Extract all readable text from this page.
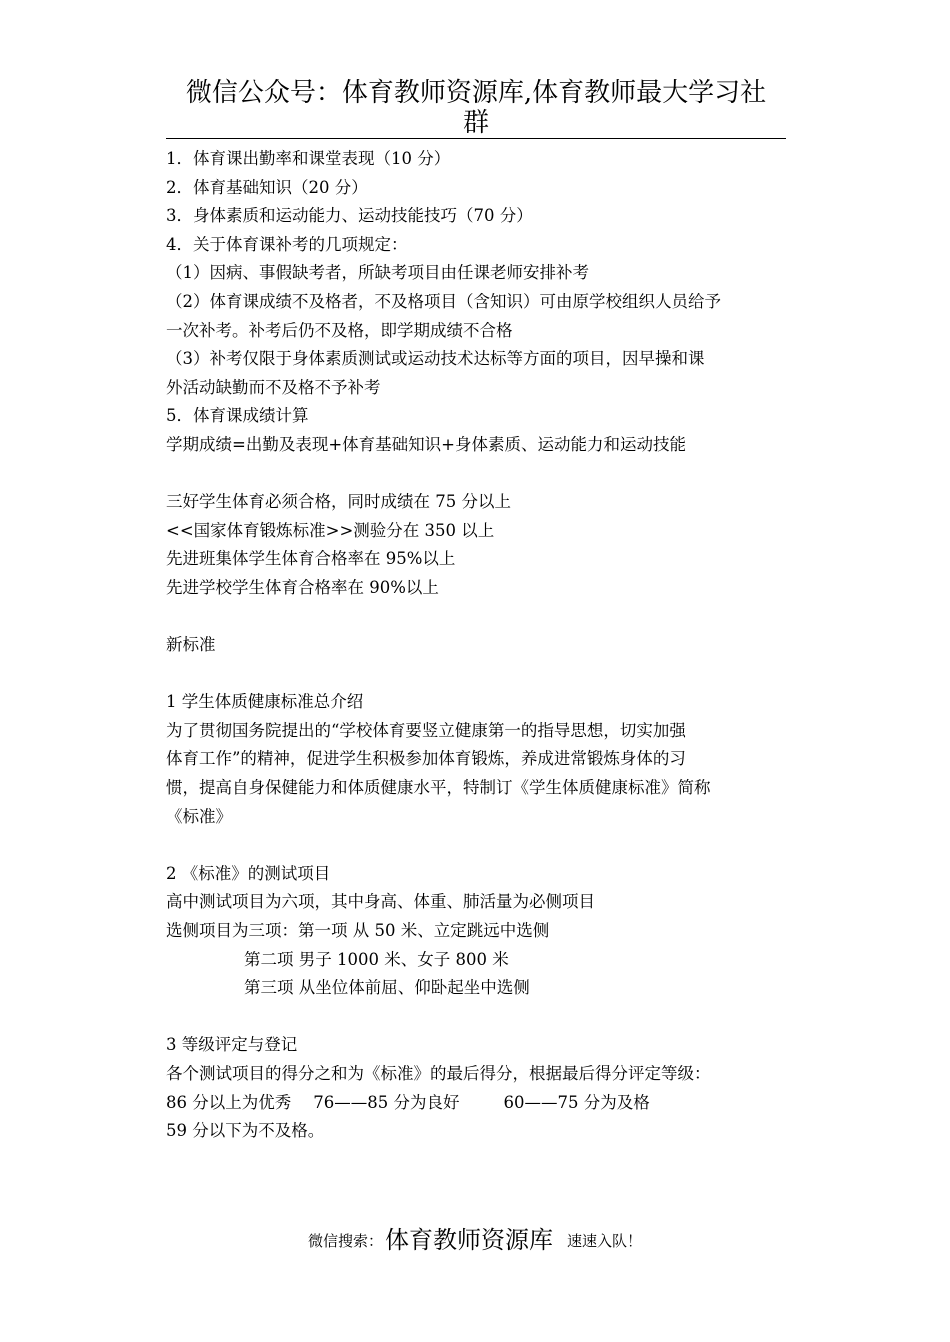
微信公众号：体育教师资源库,体育教师最大学习社
群
1．体育课出勤率和课堂表现（10 分）
2．体育基础知识（20 分）
3．身体素质和运动能力、运动技能技巧（70 分）
4．关于体育课补考的几项规定：
（1）因病、事假缺考者，所缺考项目由任课老师安排补考
（2）体育课成绩不及格者，不及格项目（含知识）可由原学校组织人员给予
一次补考。补考后仍不及格，即学期成绩不合格
（3）补考仅限于身体素质测试或运动技术达标等方面的项目，因早操和课
外活动缺勤而不及格不予补考
5．体育课成绩计算
学期成绩=出勤及表现+体育基础知识+身体素质、运动能力和运动技能
三好学生体育必须合格，同时成绩在 75 分以上
<<国家体育锻炼标准>>测验分在 350 以上
先进班集体学生体育合格率在 95%以上
先进学校学生体育合格率在 90%以上
新标准
1 学生体质健康标准总介绍
为了贯彻国务院提出的“学校体育要竖立健康第一的指导思想，切实加强
体育工作”的精神，促进学生积极参加体育锻炼，养成进常锻炼身体的习
惯，提高自身保健能力和体质健康水平，特制订《学生体质健康标准》简称
《标准》
2 《标准》的测试项目
高中测试项目为六项，其中身高、体重、肺活量为必侧项目
选侧项目为三项：第一项 从 50 米、立定跳远中选侧
第二项 男子 1000 米、女子 800 米
第三项 从坐位体前屈、仰卧起坐中选侧
3 等级评定与登记
各个测试项目的得分之和为《标准》的最后得分，根据最后得分评定等级：
86 分以上为优秀 76——85 分为良好	60——75 分为及格
59 分以下为不及格。
微信搜索：体育教师资源库 速速入队！
